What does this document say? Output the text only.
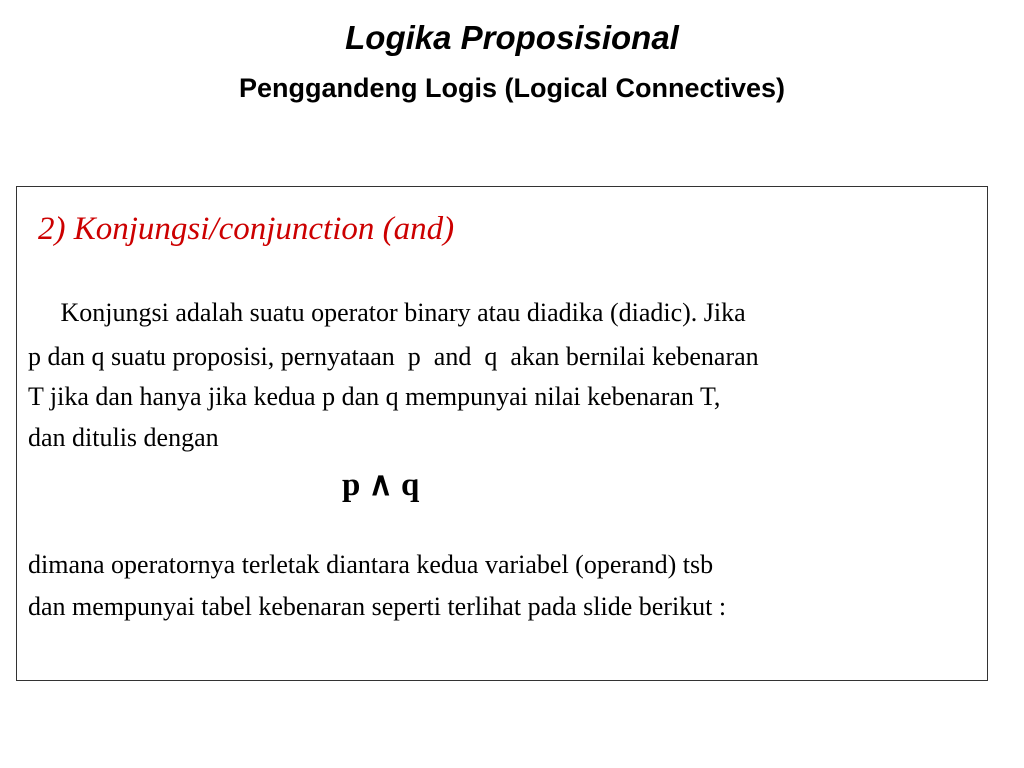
Logika Proposisional
Penggandeng Logis (Logical Connectives)
2) Konjungsi/conjunction (and)
Konjungsi adalah suatu operator binary atau diadika (diadic). Jika
p dan q suatu proposisi, pernyataan  p  and  q  akan bernilai kebenaran
T jika dan hanya jika kedua p dan q mempunyai nilai kebenaran T,
dan ditulis dengan
p ∧ q
dimana operatornya terletak diantara kedua variabel (operand) tsb
dan mempunyai tabel kebenaran seperti terlihat pada slide berikut :
